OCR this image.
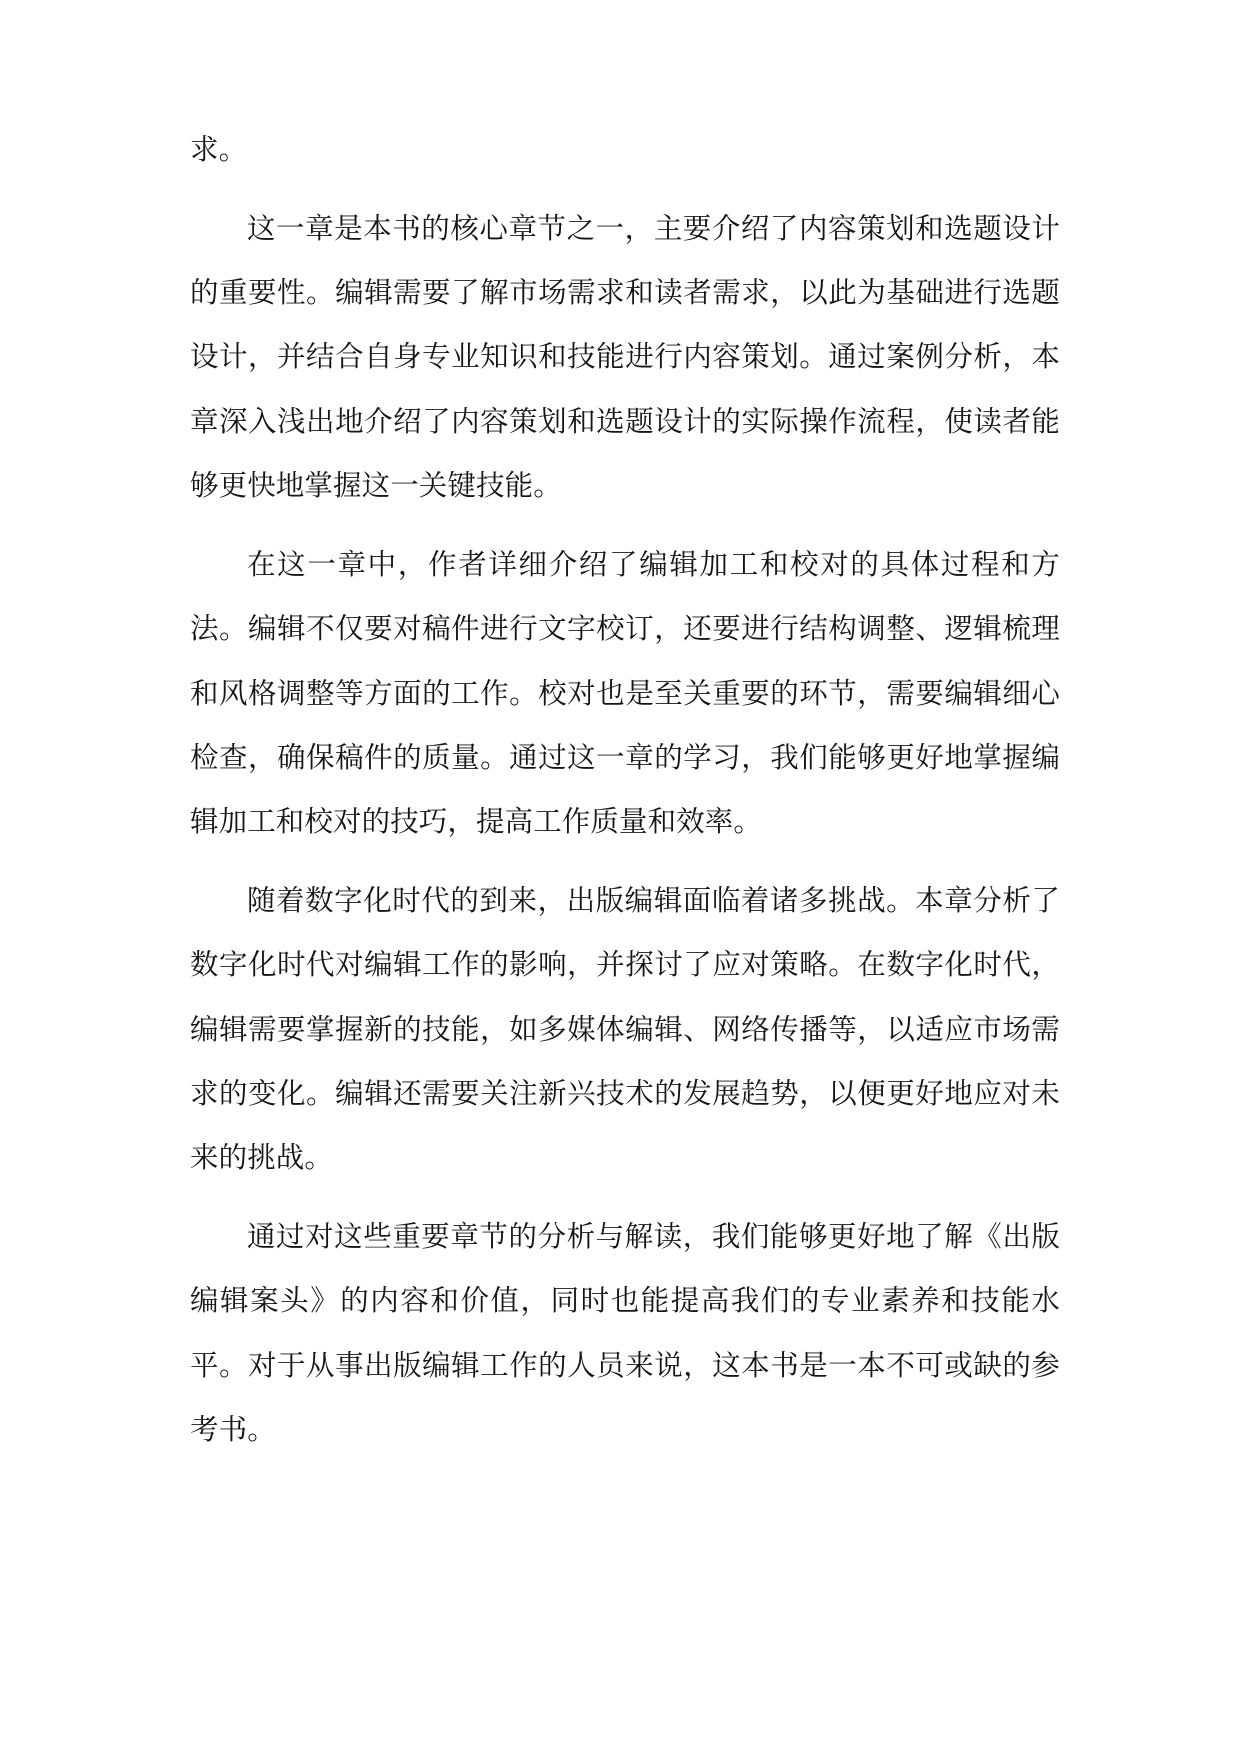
求。

这一章是本书的核心章节之一，主要介绍了内容策划和选题设计的重要性。编辑需要了解市场需求和读者需求，以此为基础进行选题设计，并结合自身专业知识和技能进行内容策划。通过案例分析，本章深入浅出地介绍了内容策划和选题设计的实际操作流程，使读者能够更快地掌握这一关键技能。

在这一章中，作者详细介绍了编辑加工和校对的具体过程和方法。编辑不仅要对稿件进行文字校订，还要进行结构调整、逻辑梳理和风格调整等方面的工作。校对也是至关重要的环节，需要编辑细心检查，确保稿件的质量。通过这一章的学习，我们能够更好地掌握编辑加工和校对的技巧，提高工作质量和效率。

随着数字化时代的到来，出版编辑面临着诸多挑战。本章分析了数字化时代对编辑工作的影响，并探讨了应对策略。在数字化时代，编辑需要掌握新的技能，如多媒体编辑、网络传播等，以适应市场需求的变化。编辑还需要关注新兴技术的发展趋势，以便更好地应对未来的挑战。

通过对这些重要章节的分析与解读，我们能够更好地了解《出版编辑案头》的内容和价值，同时也能提高我们的专业素养和技能水平。对于从事出版编辑工作的人员来说，这本书是一本不可或缺的参考书。
